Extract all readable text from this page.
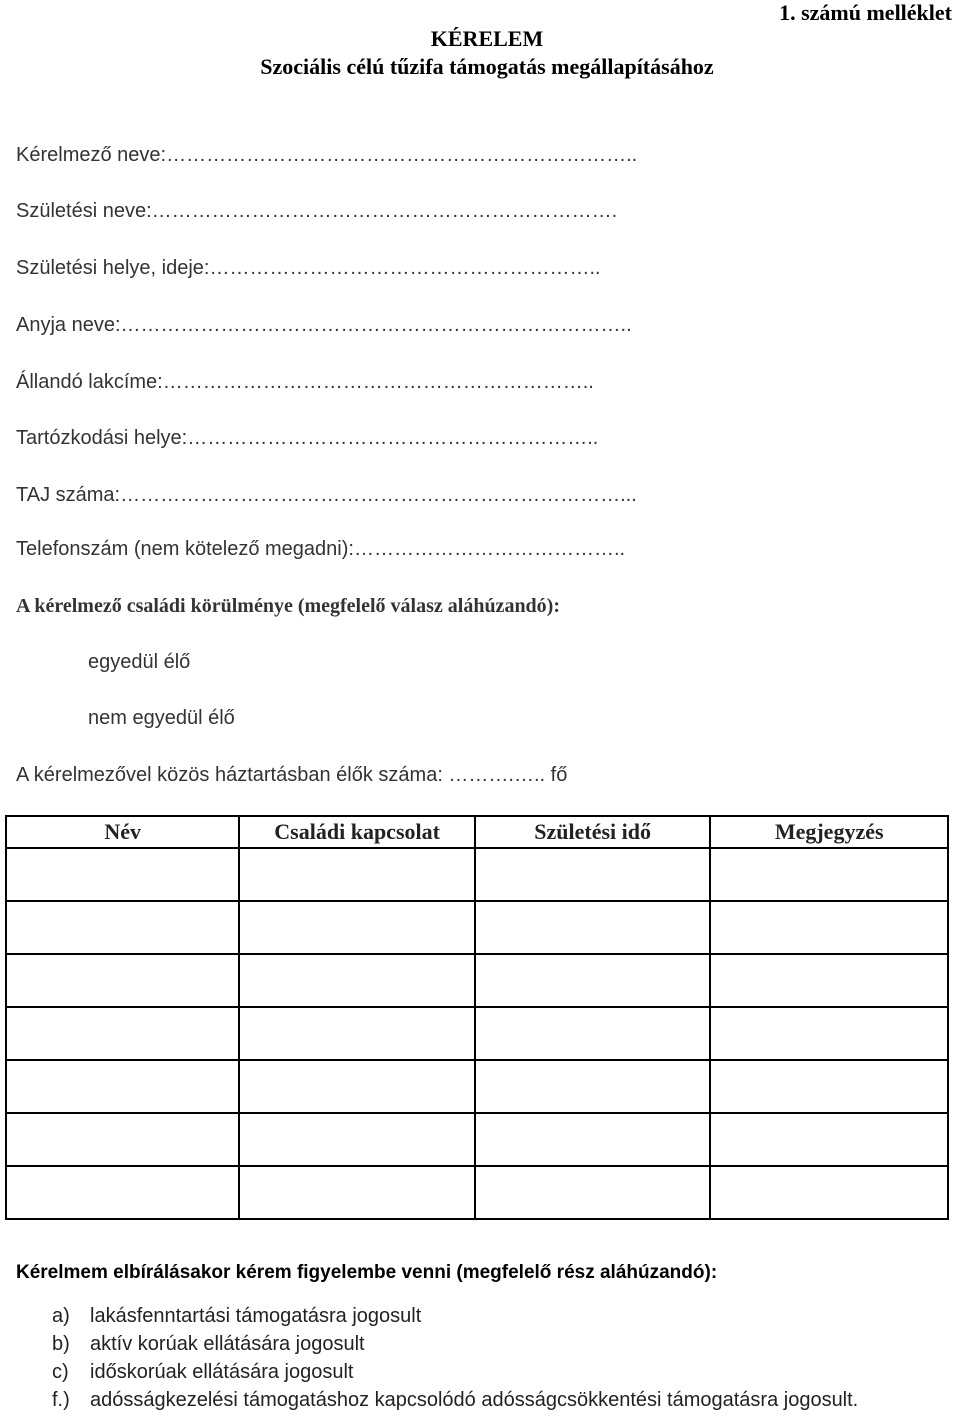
1. számú melléklet
KÉRELEM
Szociális célú tűzifa támogatás megállapításához
Kérelmező neve:……………………………………………………………..
Születési neve:…………………………………………………………….
Születési helye, ideje:…………………………………………………..
Anyja neve:…………………………………………………………………..
Állandó lakcíme:………………………………………………………..
Tartózkodási helye:……………………………………………………..
TAJ száma:…………………………………………………………………...
Telefonszám (nem kötelező megadni):…………………………………..
A kérelmező családi körülménye (megfelelő válasz aláhúzandó):
egyedül élő
nem egyedül élő
A kérelmezővel közös háztartásban élők száma: ……….….. fő
Név	Családi kapcsolat	Születési idő	Megjegyzés

Kérelmem elbírálásakor kérem figyelembe venni (megfelelő rész aláhúzandó):
a) lakásfenntartási támogatásra jogosult
b) aktív korúak ellátására jogosult
c) időskorúak ellátására jogosult
f.) adósságkezelési támogatáshoz kapcsolódó adósságcsökkentési támogatásra jogosult.
